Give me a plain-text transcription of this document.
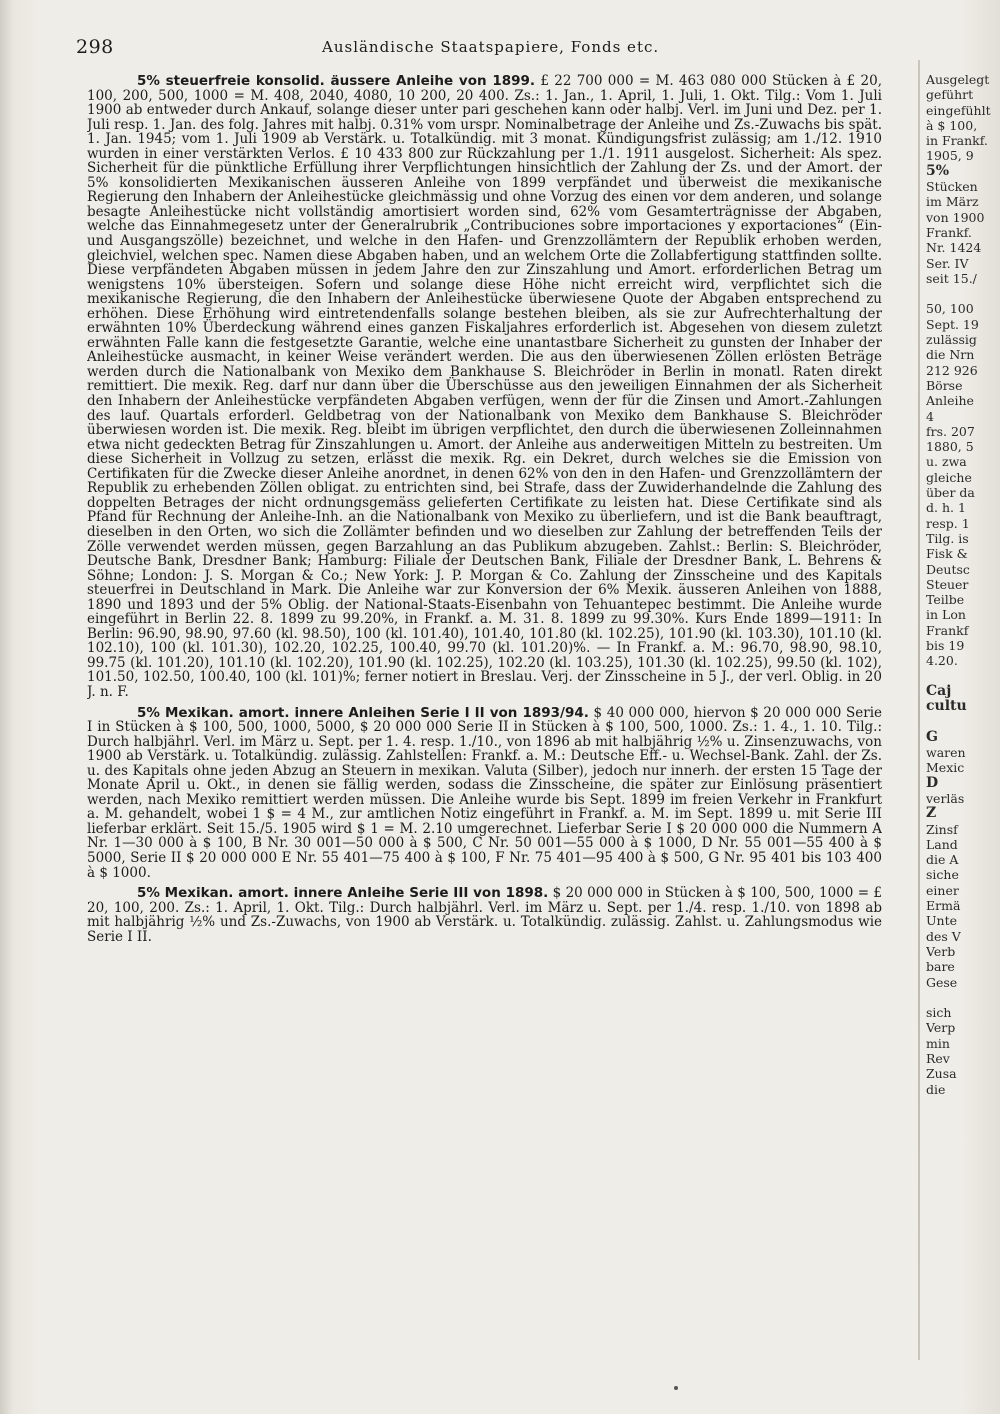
298	Ausländische Staatspapiere, Fonds etc.

5% steuerfreie konsolid. äussere Anleihe von 1899. £ 22 700 000 = M. 463 080 000 Stücken à £ 20, 100, 200, 500, 1000 = M. 408, 2040, 4080, 10 200, 20 400. Zs.: 1. Jan., 1. April, 1. Juli, 1. Okt. Tilg.: Vom 1. Juli 1900 ab entweder durch Ankauf, solange dieser unter pari geschehen kann oder halbj. Verl. im Juni und Dez. per 1. Juli resp. 1. Jan. des folg. Jahres mit halbj. 0.31% vom urspr. Nominalbetrage der Anleihe und Zs.-Zuwachs bis spät. 1. Jan. 1945; vom 1. Juli 1909 ab Verstärk. u. Totalkündig. mit 3 monat. Kündigungsfrist zulässig; am 1./12. 1910 wurden in einer verstärkten Verlos. £ 10 433 800 zur Rückzahlung per 1./1. 1911 ausgelost. Sicherheit: Als spez. Sicherheit für die pünktliche Erfüllung ihrer Verpflichtungen hinsichtlich der Zahlung der Zs. und der Amort. der 5% konsolidierten Mexikanischen äusseren Anleihe von 1899 verpfändet und überweist die mexikanische Regierung den Inhabern der Anleihestücke gleichmässig und ohne Vorzug des einen vor dem anderen, und solange besagte Anleihestücke nicht vollständig amortisiert worden sind, 62% vom Gesamterträgnisse der Abgaben, welche das Einnahmegesetz unter der Generalrubrik „Contribuciones sobre importaciones y exportaciones“ (Ein- und Ausgangszölle) bezeichnet, und welche in den Hafen- und Grenzzollämtern der Republik erhoben werden, gleichviel, welchen spec. Namen diese Abgaben haben, und an welchem Orte die Zollabfertigung stattfinden sollte. Diese verpfändeten Abgaben müssen in jedem Jahre den zur Zinszahlung und Amort. erforderlichen Betrag um wenigstens 10% übersteigen. Sofern und solange diese Höhe nicht erreicht wird, verpflichtet sich die mexikanische Regierung, die den Inhabern der Anleihestücke überwiesene Quote der Abgaben entsprechend zu erhöhen. Diese Erhöhung wird eintretendenfalls solange bestehen bleiben, als sie zur Aufrechterhaltung der erwähnten 10% Überdeckung während eines ganzen Fiskaljahres erforderlich ist. Abgesehen von diesem zuletzt erwähnten Falle kann die festgesetzte Garantie, welche eine unantastbare Sicherheit zu gunsten der Inhaber der Anleihestücke ausmacht, in keiner Weise verändert werden. Die aus den überwiesenen Zöllen erlösten Beträge werden durch die Nationalbank von Mexiko dem Bankhause S. Bleichröder in Berlin in monatl. Raten direkt remittiert. Die mexik. Reg. darf nur dann über die Überschüsse aus den jeweiligen Einnahmen der als Sicherheit den Inhabern der Anleihestücke verpfändeten Abgaben verfügen, wenn der für die Zinsen und Amort.-Zahlungen des lauf. Quartals erforderl. Geldbetrag von der Nationalbank von Mexiko dem Bankhause S. Bleichröder überwiesen worden ist. Die mexik. Reg. bleibt im übrigen verpflichtet, den durch die überwiesenen Zolleinnahmen etwa nicht gedeckten Betrag für Zinszahlungen u. Amort. der Anleihe aus anderweitigen Mitteln zu bestreiten. Um diese Sicherheit in Vollzug zu setzen, erlässt die mexik. Rg. ein Dekret, durch welches sie die Emission von Certifikaten für die Zwecke dieser Anleihe anordnet, in denen 62% von den in den Hafen- und Grenzzollämtern der Republik zu erhebenden Zöllen obligat. zu entrichten sind, bei Strafe, dass der Zuwiderhandelnde die Zahlung des doppelten Betrages der nicht ordnungsgemäss gelieferten Certifikate zu leisten hat. Diese Certifikate sind als Pfand für Rechnung der Anleihe-Inh. an die Nationalbank von Mexiko zu überliefern, und ist die Bank beauftragt, dieselben in den Orten, wo sich die Zollämter befinden und wo dieselben zur Zahlung der betreffenden Teils der Zölle verwendet werden müssen, gegen Barzahlung an das Publikum abzugeben. Zahlst.: Berlin: S. Bleichröder, Deutsche Bank, Dresdner Bank; Hamburg: Filiale der Deutschen Bank, Filiale der Dresdner Bank, L. Behrens & Söhne; London: J. S. Morgan & Co.; New York: J. P. Morgan & Co. Zahlung der Zinsscheine und des Kapitals steuerfrei in Deutschland in Mark. Die Anleihe war zur Konversion der 6% Mexik. äusseren Anleihen von 1888, 1890 und 1893 und der 5% Oblig. der National-Staats-Eisenbahn von Tehuantepec bestimmt. Die Anleihe wurde eingeführt in Berlin 22. 8. 1899 zu 99.20%, in Frankf. a. M. 31. 8. 1899 zu 99.30%. Kurs Ende 1899—1911: In Berlin: 96.90, 98.90, 97.60 (kl. 98.50), 100 (kl. 101.40), 101.40, 101.80 (kl. 102.25), 101.90 (kl. 103.30), 101.10 (kl. 102.10), 100 (kl. 101.30), 102.20, 102.25, 100.40, 99.70 (kl. 101.20)%. — In Frankf. a. M.: 96.70, 98.90, 98.10, 99.75 (kl. 101.20), 101.10 (kl. 102.20), 101.90 (kl. 102.25), 102.20 (kl. 103.25), 101.30 (kl. 102.25), 99.50 (kl. 102), 101.50, 102.50, 100.40, 100 (kl. 101)%; ferner notiert in Breslau. Verj. der Zinsscheine in 5 J., der verl. Oblig. in 20 J. n. F.

5% Mexikan. amort. innere Anleihen Serie I II von 1893/94. $ 40 000 000, hiervon $ 20 000 000 Serie I in Stücken à $ 100, 500, 1000, 5000, $ 20 000 000 Serie II in Stücken à $ 100, 500, 1000. Zs.: 1. 4., 1. 10. Tilg.: Durch halbjährl. Verl. im März u. Sept. per 1. 4. resp. 1./10., von 1896 ab mit halbjährig ½% u. Zinsenzuwachs, von 1900 ab Verstärk. u. Totalkündig. zulässig. Zahlstellen: Frankf. a. M.: Deutsche Eff.- u. Wechsel-Bank. Zahl. der Zs. u. des Kapitals ohne jeden Abzug an Steuern in mexikan. Valuta (Silber), jedoch nur innerh. der ersten 15 Tage der Monate April u. Okt., in denen sie fällig werden, sodass die Zinsscheine, die später zur Einlösung präsentiert werden, nach Mexiko remittiert werden müssen. Die Anleihe wurde bis Sept. 1899 im freien Verkehr in Frankfurt a. M. gehandelt, wobei 1 $ = 4 M., zur amtlichen Notiz eingeführt in Frankf. a. M. im Sept. 1899 u. mit Serie III lieferbar erklärt. Seit 15./5. 1905 wird $ 1 = M. 2.10 umgerechnet. Lieferbar Serie I $ 20 000 000 die Nummern A Nr. 1—30 000 à $ 100, B Nr. 30 001—50 000 à $ 500, C Nr. 50 001—55 000 à $ 1000, D Nr. 55 001—55 400 à $ 5000, Serie II $ 20 000 000 E Nr. 55 401—75 400 à $ 100, F Nr. 75 401—95 400 à $ 500, G Nr. 95 401 bis 103 400 à $ 1000.

5% Mexikan. amort. innere Anleihe Serie III von 1898. $ 20 000 000 in Stücken à $ 100, 500, 1000 = £ 20, 100, 200. Zs.: 1. April, 1. Okt. Tilg.: Durch halbjährl. Verl. im März u. Sept. per 1./4. resp. 1./10. von 1898 ab mit halbjährig ½% und Zs.-Zuwachs, von 1900 ab Verstärk. u. Totalkündig. zulässig. Zahlst. u. Zahlungsmodus wie Serie I II.

Ausgelegt
geführt
eingefühlt
à $ 100,
in Frankf.
1905, 9
5%
Stücken
im März
von 1900
Frankf.
Nr. 1424
Ser. IV
seit 15./
50, 100
Sept. 19
zulässig
die Nrn
212 926
Börse
Anleihe
4
frs. 207
1880, 5
u. zwa
gleiche
über da
d. h. 1
resp. 1
Tilg. is
Fisk &
Deutsc
Steuer
Teilbe
in Lon
Frankf
bis 19
4.20.
Caj
cultu
G
waren
Mexic
D
verläs
Z
Zinsf
Land
die A
siche
einer
Ermä
Unte
des V
Verb
bare
Gese
sich
Verp
min
Rev
Zusa
die
